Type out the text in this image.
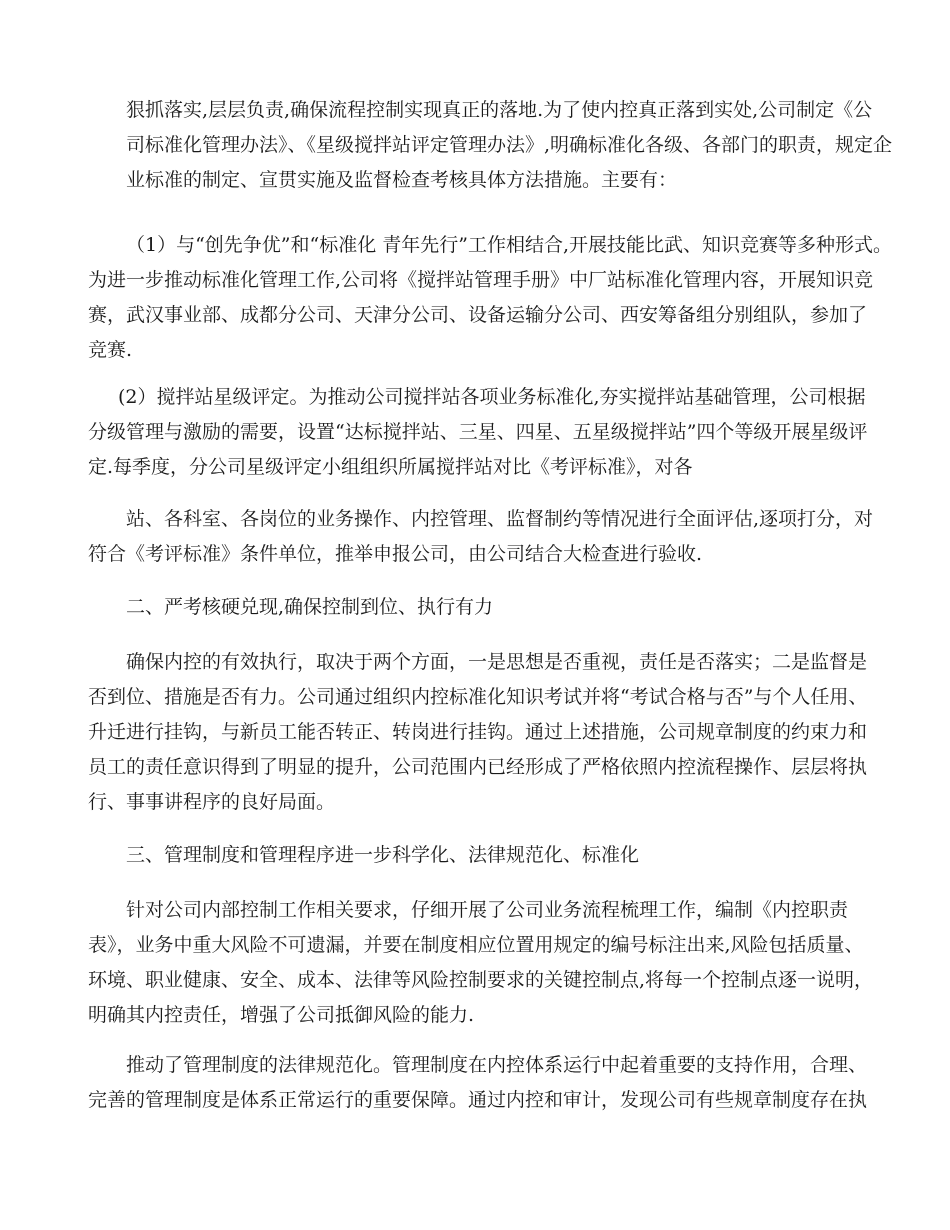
狠抓落实,层层负责,确保流程控制实现真正的落地.为了使内控真正落到实处,公司制定《公
司标准化管理办法》、《星级搅拌站评定管理办法》,明确标准化各级、各部门的职责，规定企
业标准的制定、宣贯实施及监督检查考核具体方法措施。主要有：
（1）与“创先争优”和“标准化 青年先行”工作相结合,开展技能比武、知识竞赛等多种形式。
为进一步推动标准化管理工作,公司将《搅拌站管理手册》中厂站标准化管理内容，开展知识竞
赛，武汉事业部、成都分公司、天津分公司、设备运输分公司、西安筹备组分别组队，参加了
竞赛.
(2）搅拌站星级评定。为推动公司搅拌站各项业务标准化,夯实搅拌站基础管理，公司根据
分级管理与激励的需要，设置“达标搅拌站、三星、四星、五星级搅拌站”四个等级开展星级评
定.每季度，分公司星级评定小组组织所属搅拌站对比《考评标准》，对各
站、各科室、各岗位的业务操作、内控管理、监督制约等情况进行全面评估,逐项打分，对
符合《考评标准》条件单位，推举申报公司，由公司结合大检查进行验收.
二、严考核硬兑现,确保控制到位、执行有力
确保内控的有效执行，取决于两个方面，一是思想是否重视，责任是否落实；二是监督是
否到位、措施是否有力。公司通过组织内控标准化知识考试并将“考试合格与否”与个人任用、
升迁进行挂钩，与新员工能否转正、转岗进行挂钩。通过上述措施，公司规章制度的约束力和
员工的责任意识得到了明显的提升，公司范围内已经形成了严格依照内控流程操作、层层将执
行、事事讲程序的良好局面。
三、管理制度和管理程序进一步科学化、法律规范化、标准化
针对公司内部控制工作相关要求，仔细开展了公司业务流程梳理工作，编制《内控职责
表》，业务中重大风险不可遗漏，并要在制度相应位置用规定的编号标注出来,风险包括质量、
环境、职业健康、安全、成本、法律等风险控制要求的关键控制点,将每一个控制点逐一说明，
明确其内控责任，增强了公司抵御风险的能力.
推动了管理制度的法律规范化。管理制度在内控体系运行中起着重要的支持作用，合理、
完善的管理制度是体系正常运行的重要保障。通过内控和审计，发现公司有些规章制度存在执
